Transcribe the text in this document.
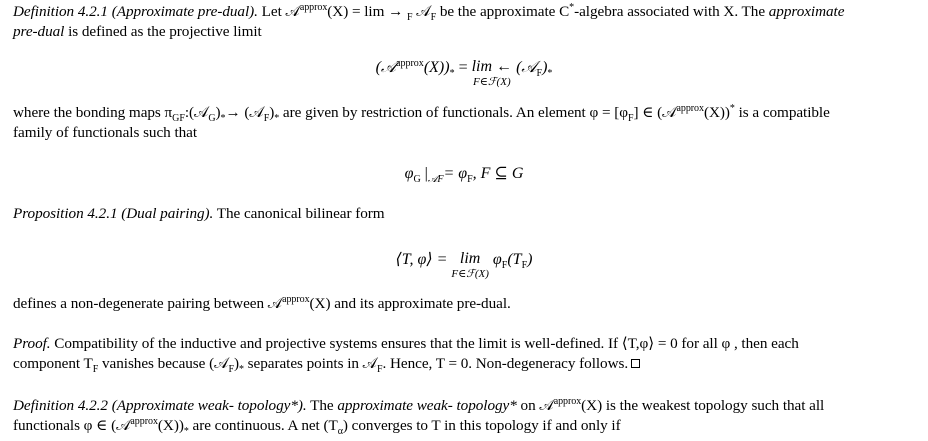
Definition 4.2.1 (Approximate pre-dual). Let 𝒜$^{approx}$(X) = lim → $_F$ 𝒜$_F$ be the approximate C*-algebra associated with X. The approximate
pre-dual is defined as the projective limit
$(𝒜^{approx}(X))_* = \lim$ ←
F∈ℱ(X)
$(𝒜_F)_*$
where the bonding maps $\pi_{GF}:(𝒜_G)_*\to$ $(𝒜_F)_*$ are given by restriction of functionals. An element $\varphi = [\varphi_F]$ ∈ (𝒜$^{approx}$(X))* is a compatible
family of functionals such that
$\varphi_G$ $|_{𝒜F}= \varphi_F$, F ⊆ G
Proposition 4.2.1 (Dual pairing). The canonical bilinear form
⟨T, φ⟩ = lim
F∈ℱ(X)
$\varphi_F(T_F)$
defines a non-degenerate pairing between 𝒜$^{approx}$(X) and its approximate pre-dual.
Proof. Compatibility of the inductive and projective systems ensures that the limit is well-defined. If ⟨T,φ⟩ = 0 for all φ , then each
component $T_F$ vanishes because $(𝒜_F)_*$ separates points in 𝒜$_F$. Hence, T = 0. Non-degeneracy follows.
Definition 4.2.2 (Approximate weak- topology*). The approximate weak- topology* on 𝒜$^{approx}$(X) is the weakest topology such that all
functionals φ ∈ $(𝒜^{approx}(X))_*$ are continuous. A net $(T_\alpha)$ converges to T in this topology if and only if
